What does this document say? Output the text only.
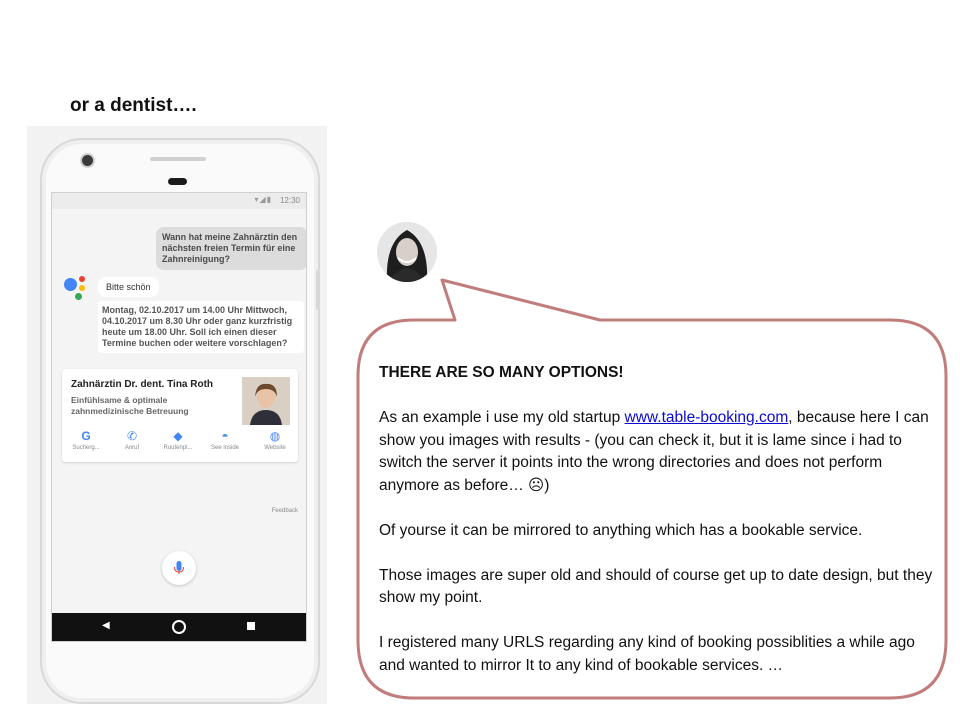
or a dentist….
▾◢▮ 12:30
Wann hat meine Zahnärztin den nächsten freien Termin für eine Zahnreinigung?
Bitte schön
Montag, 02.10.2017 um 14.00 Uhr Mittwoch, 04.10.2017 um 8.30 Uhr oder ganz kurzfristig heute um 18.00 Uhr. Soll ich einen dieser Termine buchen oder weitere vorschlagen?
Zahnärztin Dr. dent. Tina Roth
Einfühlsame & optimale zahnmedizinische Betreuung
G
Sucherg...
✆
Anruf
◆
Routenpl...
◓
See inside
◍
Website
Feedback
◀

THERE ARE SO MANY OPTIONS!

As an example i use my old startup www.table-booking.com, because here I can show you images with results - (you can check it, but it is lame since i had to switch the server it points into the wrong directories and does not perform anymore as before… ☹)

Of yourse it can be mirrored to anything which has a bookable service.

Those images are super old and should of course get up to date design, but they show my point.

I registered many URLS regarding any kind of booking possiblities a while ago and wanted to mirror It to any kind of bookable services. …
